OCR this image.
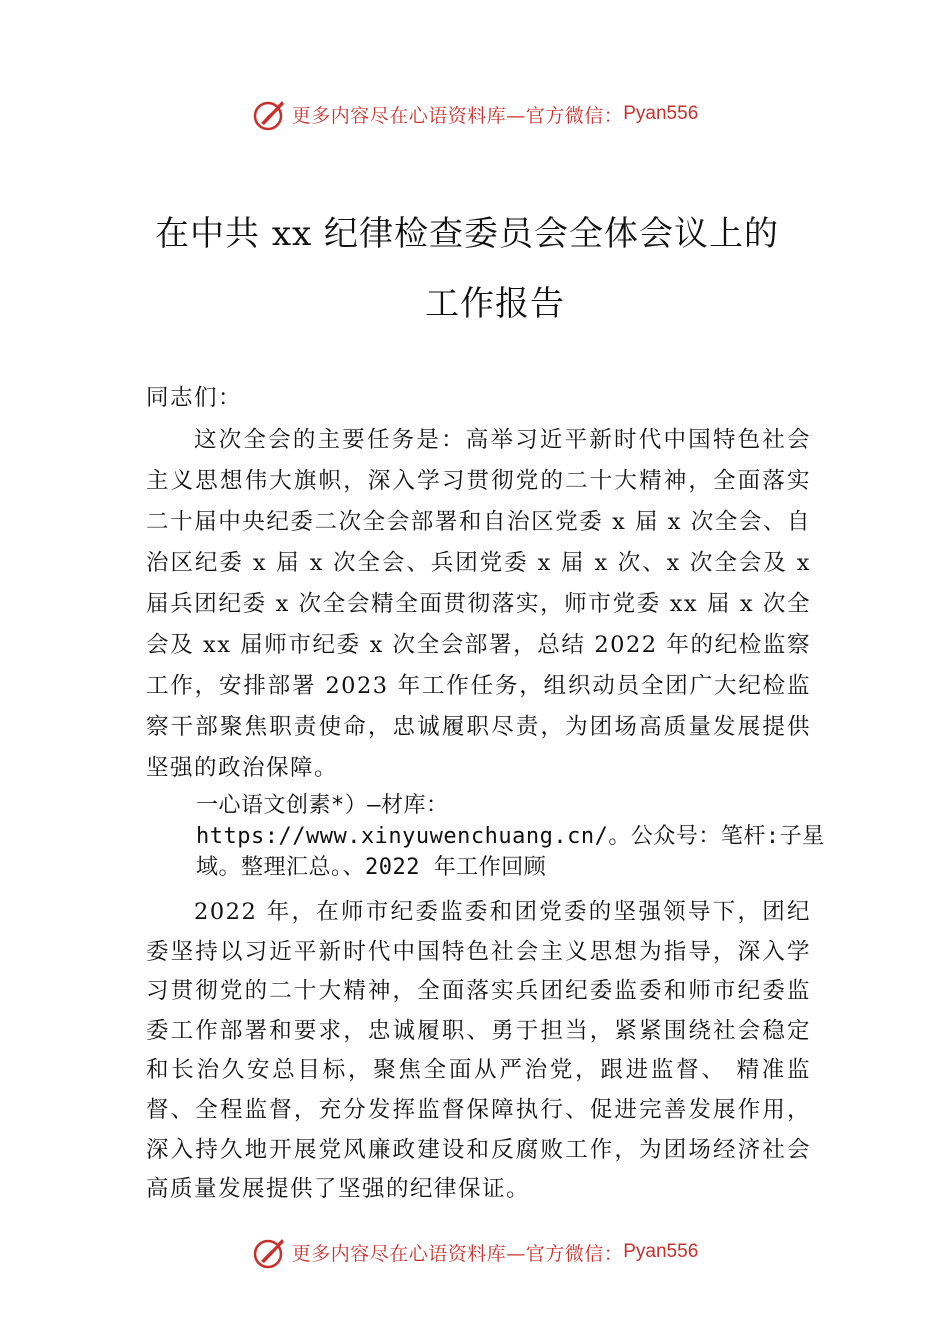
更多内容尽在心语资料库—官方微信： Pyan556
在中共 xx 纪律检查委员会全体会议上的
工作报告
同志们：
这次全会的主要任务是：高举习近平新时代中国特色社会主义思想伟大旗帜，深入学习贯彻党的二十大精神，全面落实二十届中央纪委二次全会部署和自治区党委 x 届 x 次全会、自治区纪委 x 届 x 次全会、兵团党委 x 届 x 次、x 次全会及 x 届兵团纪委 x 次全会精全面贯彻落实，师市党委 xx 届 x 次全会及 xx 届师市纪委 x 次全会部署，总结 2022 年的纪检监察工作，安排部署 2023 年工作任务，组织动员全团广大纪检监察干部聚焦职责使命，忠诚履职尽责，为团场高质量发展提供坚强的政治保障。
一心语文创素*）—材库：https://www.xinyuwenchuang.cn/。公众号：笔杆:子星域。整理汇总。、2022 年工作回顾
2022 年，在师市纪委监委和团党委的坚强领导下，团纪委坚持以习近平新时代中国特色社会主义思想为指导，深入学习贯彻党的二十大精神，全面落实兵团纪委监委和师市纪委监委工作部署和要求，忠诚履职、勇于担当，紧紧围绕社会稳定和长治久安总目标，聚焦全面从严治党，跟进监督、 精准监督、全程监督，充分发挥监督保障执行、促进完善发展作用，深入持久地开展党风廉政建设和反腐败工作，为团场经济社会高质量发展提供了坚强的纪律保证。
更多内容尽在心语资料库—官方微信： Pyan556
